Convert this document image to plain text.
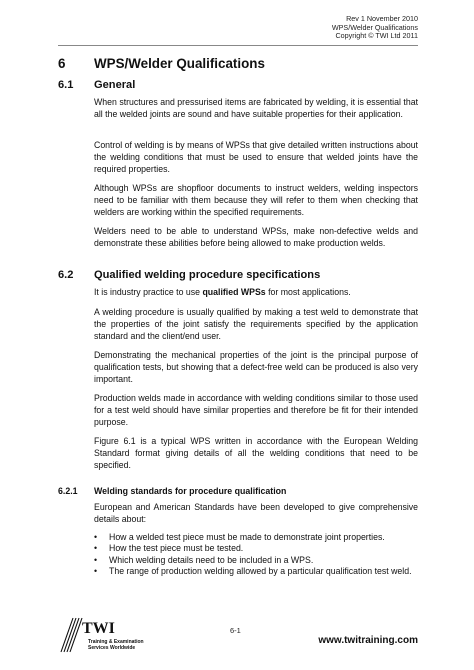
Rev 1 November 2010
WPS/Welder Qualifications
Copyright © TWI Ltd 2011
6 WPS/Welder Qualifications
6.1 General
When structures and pressurised items are fabricated by welding, it is essential that all the welded joints are sound and have suitable properties for their application.
Control of welding is by means of WPSs that give detailed written instructions about the welding conditions that must be used to ensure that welded joints have the required properties.
Although WPSs are shopfloor documents to instruct welders, welding inspectors need to be familiar with them because they will refer to them when checking that welders are working within the specified requirements.
Welders need to be able to understand WPSs, make non-defective welds and demonstrate these abilities before being allowed to make production welds.
6.2 Qualified welding procedure specifications
It is industry practice to use qualified WPSs for most applications.
A welding procedure is usually qualified by making a test weld to demonstrate that the properties of the joint satisfy the requirements specified by the application standard and the client/end user.
Demonstrating the mechanical properties of the joint is the principal purpose of qualification tests, but showing that a defect-free weld can be produced is also very important.
Production welds made in accordance with welding conditions similar to those used for a test weld should have similar properties and therefore be fit for their intended purpose.
Figure 6.1 is a typical WPS written in accordance with the European Welding Standard format giving details of all the welding conditions that need to be specified.
6.2.1 Welding standards for procedure qualification
European and American Standards have been developed to give comprehensive details about:
• How a welded test piece must be made to demonstrate joint properties.
• How the test piece must be tested.
• Which welding details need to be included in a WPS.
• The range of production welding allowed by a particular qualification test weld.
TWI
Training & Examination
Services Worldwide
6-1
www.twitraining.com
